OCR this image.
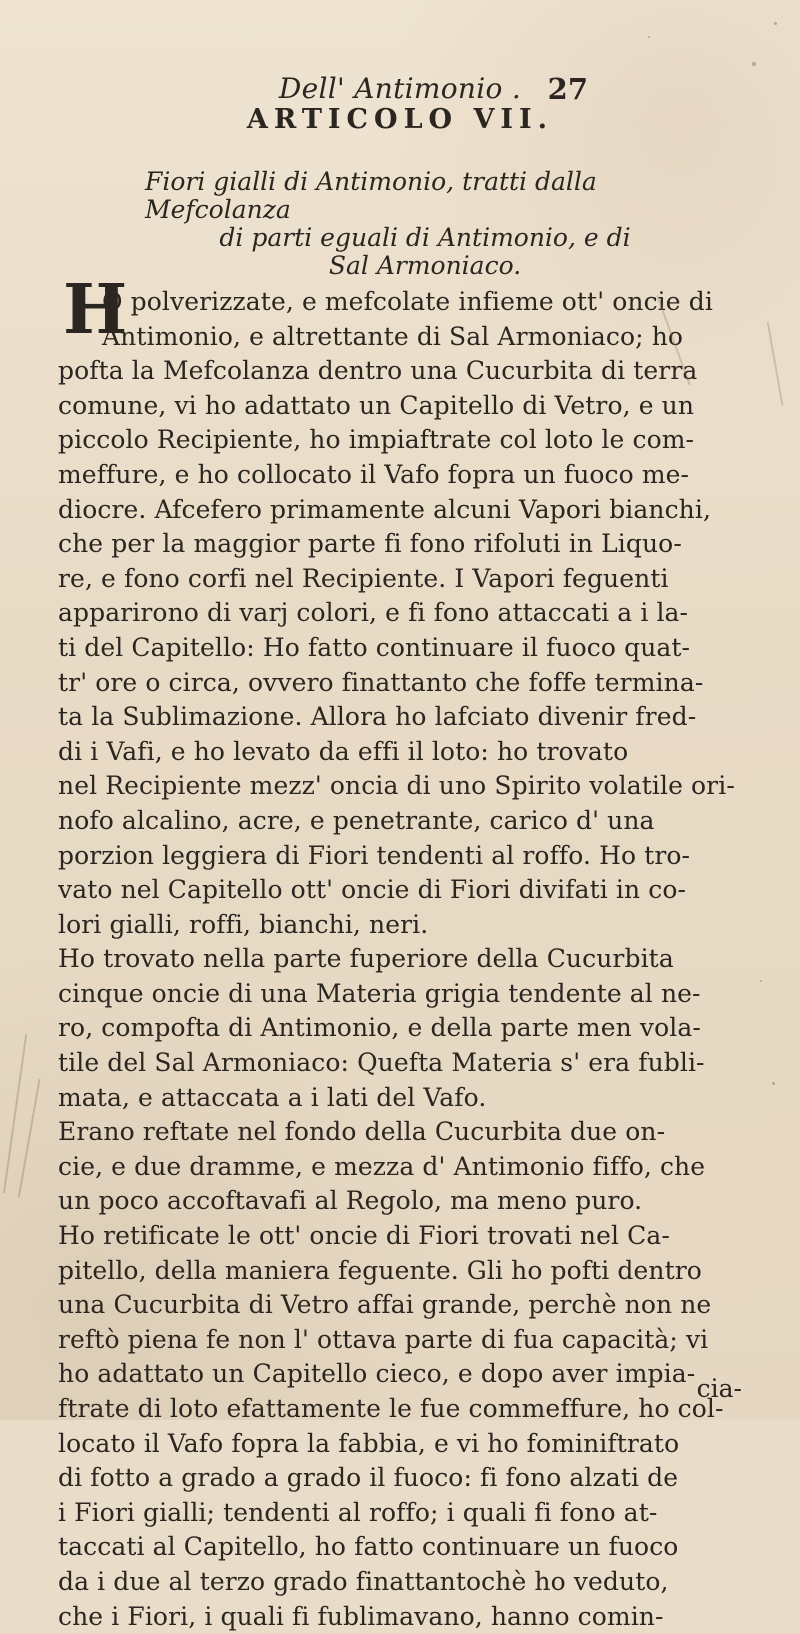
Dell' Antimonio . 27
ARTICOLO VII.
Fiori gialli di Antimonio, tratti dalla Mefcolanza
di parti eguali di Antimonio, e di
Sal Armoniaco.
H
O polverizzate, e mefcolate infieme ott' oncie di
Antimonio, e altrettante di Sal Armoniaco; ho
pofta la Mefcolanza dentro una Cucurbita di terra
comune, vi ho adattato un Capitello di Vetro, e un
piccolo Recipiente, ho impiaftrate col loto le com-
meffure, e ho collocato il Vafo fopra un fuoco me-
diocre. Afcefero primamente alcuni Vapori bianchi,
che per la maggior parte fi fono rifoluti in Liquo-
re, e fono corfi nel Recipiente. I Vapori feguenti
apparirono di varj colori, e fi fono attaccati a i la-
ti del Capitello: Ho fatto continuare il fuoco quat-
tr' ore o circa, ovvero finattanto che foffe termina-
ta la Sublimazione. Allora ho lafciato divenir fred-
di i Vafi, e ho levato da effi il loto: ho trovato
nel Recipiente mezz' oncia di uno Spirito volatile ori-
nofo alcalino, acre, e penetrante, carico d' una
porzion leggiera di Fiori tendenti al roffo. Ho tro-
vato nel Capitello ott' oncie di Fiori divifati in co-
lori gialli, roffi, bianchi, neri.
Ho trovato nella parte fuperiore della Cucurbita
cinque oncie di una Materia grigia tendente al ne-
ro, compofta di Antimonio, e della parte men vola-
tile del Sal Armoniaco: Quefta Materia s' era fubli-
mata, e attaccata a i lati del Vafo.
Erano reftate nel fondo della Cucurbita due on-
cie, e due dramme, e mezza d' Antimonio fiffo, che
un poco accoftavafi al Regolo, ma meno puro.
Ho retificate le ott' oncie di Fiori trovati nel Ca-
pitello, della maniera feguente. Gli ho pofti dentro
una Cucurbita di Vetro affai grande, perchè non ne
reftò piena fe non l' ottava parte di fua capacità; vi
ho adattato un Capitello cieco, e dopo aver impia-
ftrate di loto efattamente le fue commeffure, ho col-
locato il Vafo fopra la fabbia, e vi ho fominiftrato
di fotto a grado a grado il fuoco: fi fono alzati de
i Fiori gialli; tendenti al roffo; i quali fi fono at-
taccati al Capitello, ho fatto continuare un fuoco
da i due al terzo grado finattantochè ho veduto,
che i Fiori, i quali fi fublimavano, hanno comin-
cia-
